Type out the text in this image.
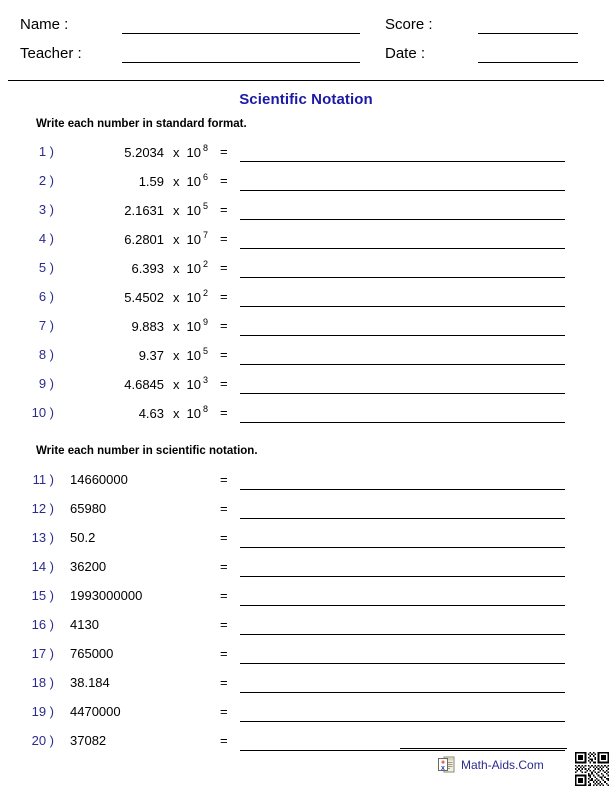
Name :
Teacher :
Score :
Date :
Scientific Notation
Write each number in standard format.
1 )	5.2034 x 10 8 =
2 )	1.59 x 10 6 =
3 )	2.1631 x 10 5 =
4 )	6.2801 x 10 7 =
5 )	6.393 x 10 2 =
6 )	5.4502 x 10 2 =
7 )	9.883 x 10 9 =
8 )	9.37 x 10 5 =
9 )	4.6845 x 10 3 =
10 )	4.63 x 10 8 =
Write each number in scientific notation.
11 )	14660000	=
12 )	65980	=
13 )	50.2	=
14 )	36200	=
15 )	1993000000	=
16 )	4130	=
17 )	765000	=
18 )	38.184	=
19 )	4470000	=
20 )	37082	=
+
x Math-Aids.Com
